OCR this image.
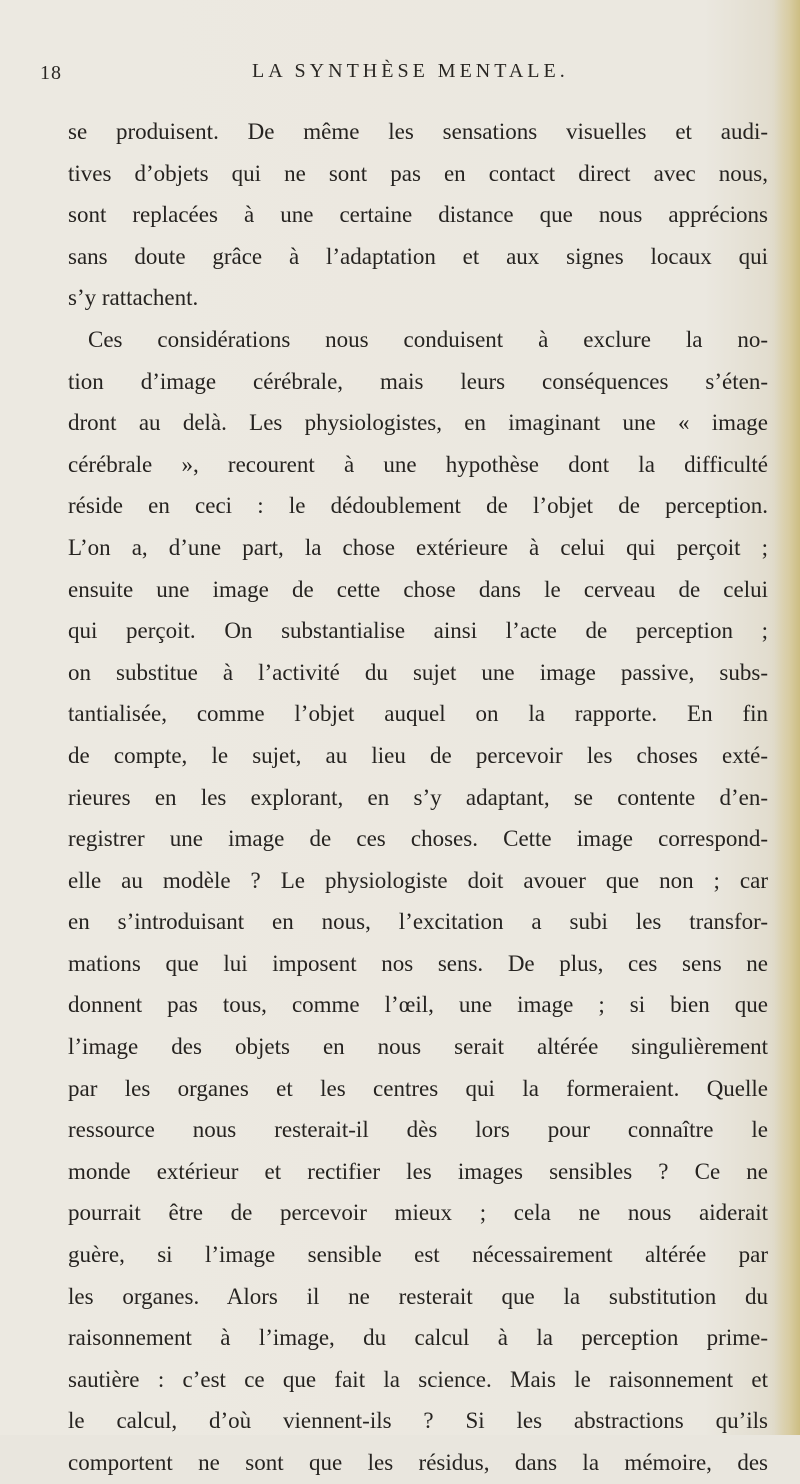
18	LA SYNTHÈSE MENTALE.
se produisent. De même les sensations visuelles et audi-
tives d’objets qui ne sont pas en contact direct avec nous,
sont replacées à une certaine distance que nous apprécions
sans doute grâce à l’adaptation et aux signes locaux qui
s’y rattachent.
Ces considérations nous conduisent à exclure la no-
tion d’image cérébrale, mais leurs conséquences s’éten-
dront au delà. Les physiologistes, en imaginant une « image
cérébrale », recourent à une hypothèse dont la difficulté
réside en ceci : le dédoublement de l’objet de perception.
L’on a, d’une part, la chose extérieure à celui qui perçoit ;
ensuite une image de cette chose dans le cerveau de celui
qui perçoit. On substantialise ainsi l’acte de perception ;
on substitue à l’activité du sujet une image passive, subs-
tantialisée, comme l’objet auquel on la rapporte. En fin
de compte, le sujet, au lieu de percevoir les choses exté-
rieures en les explorant, en s’y adaptant, se contente d’en-
registrer une image de ces choses. Cette image correspond-
elle au modèle ? Le physiologiste doit avouer que non ; car
en s’introduisant en nous, l’excitation a subi les transfor-
mations que lui imposent nos sens. De plus, ces sens ne
donnent pas tous, comme l’œil, une image ; si bien que
l’image des objets en nous serait altérée singulièrement
par les organes et les centres qui la formeraient. Quelle
ressource nous resterait-il dès lors pour connaître le
monde extérieur et rectifier les images sensibles ? Ce ne
pourrait être de percevoir mieux ; cela ne nous aiderait
guère, si l’image sensible est nécessairement altérée par
les organes. Alors il ne resterait que la substitution du
raisonnement à l’image, du calcul à la perception prime-
sautière : c’est ce que fait la science. Mais le raisonnement et
le calcul, d’où viennent-ils ? Si les abstractions qu’ils
comportent ne sont que les résidus, dans la mémoire, des
